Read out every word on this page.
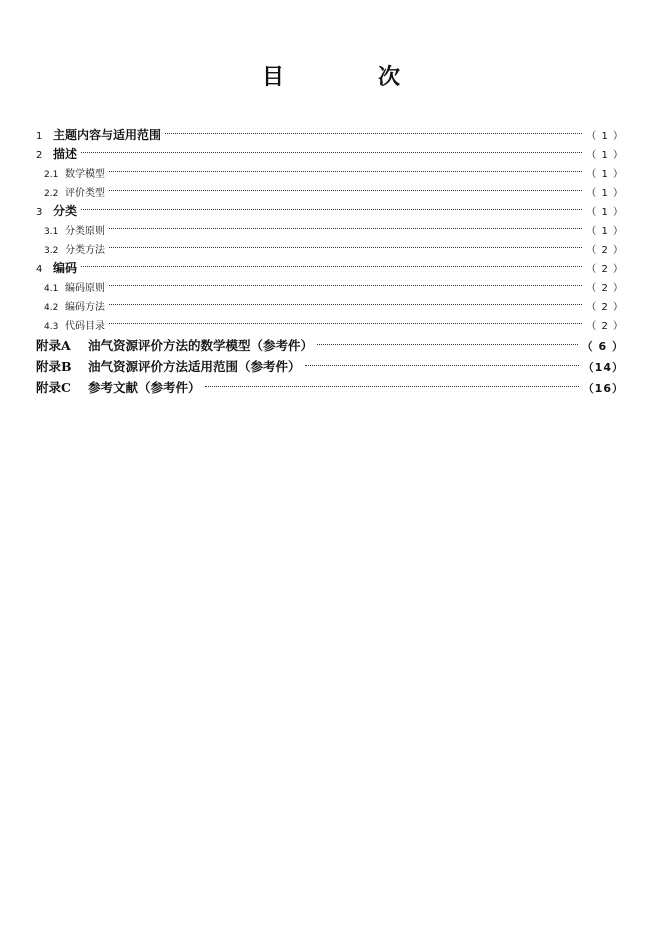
目　次
1 主题内容与适用范围	（ 1 ）
2 描述	（ 1 ）
2.1 数学模型	（ 1 ）
2.2 评价类型	（ 1 ）
3 分类	（ 1 ）
3.1 分类原则	（ 1 ）
3.2 分类方法	（ 2 ）
4 编码	（ 2 ）
4.1 编码原则	（ 2 ）
4.2 编码方法	（ 2 ）
4.3 代码目录	（ 2 ）
附录A	油气资源评价方法的数学模型（参考件）	（ 6 ）
附录B	油气资源评价方法适用范围（参考件）	（14）
附录C	参考文献（参考件）	（16）
